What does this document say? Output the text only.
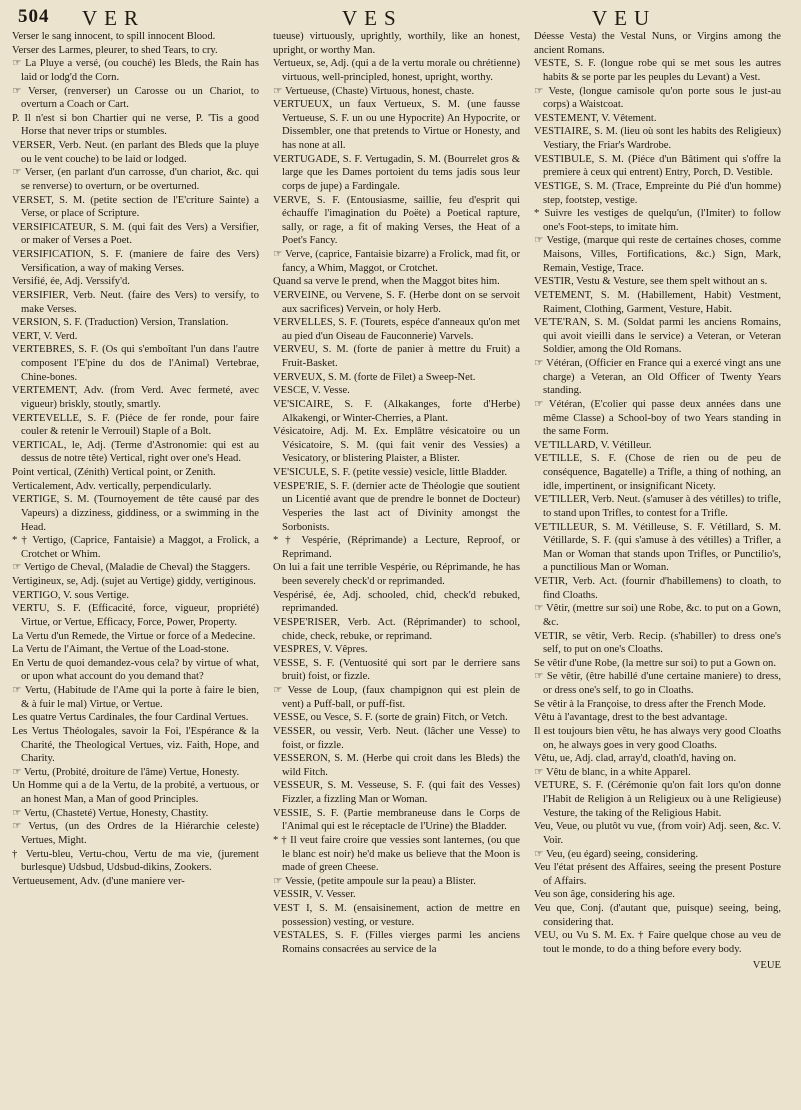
504 VER	VES	VEU

Verser le sang innocent, to spill innocent Blood.

Verser des Larmes, pleurer, to shed Tears, to cry.

☞ La Pluye a versé, (ou couché) les Bleds, the Rain has laid or lodg'd the Corn.

☞ Verser, (renverser) un Carosse ou un Chariot, to overturn a Coach or Cart.

P. Il n'est si bon Chartier qui ne verse, P. 'Tis a good Horse that never trips or stumbles.

VERSER, Verb. Neut. (en parlant des Bleds que la pluye ou le vent couche) to be laid or lodged.

☞ Verser, (en parlant d'un carrosse, d'un chariot, &c. qui se renverse) to overturn, or be overturned.

VERSET, S. M. (petite section de l'E'criture Sainte) a Verse, or place of Scripture.

VERSIFICATEUR, S. M. (qui fait des Vers) a Versifier, or maker of Verses a Poet.

VERSIFICATION, S. F. (maniere de faire des Vers) Versification, a way of making Verses.

Versifié, ée, Adj. Verssify'd.

VERSIFIER, Verb. Neut. (faire des Vers) to versify, to make Verses.

VERSION, S. F. (Traduction) Version, Translation.

VERT, V. Verd.

VERTEBRES, S. F. (Os qui s'emboîtant l'un dans l'autre composent l'E'pine du dos de l'Animal) Vertebrae, Chine-bones.

VERTEMENT, Adv. (from Verd. Avec fermeté, avec vigueur) briskly, stoutly, smartly.

VERTEVELLE, S. F. (Piéce de fer ronde, pour faire couler & retenir le Verrouil) Staple of a Bolt.

VERTICAL, le, Adj. (Terme d'Astronomie: qui est au dessus de notre tête) Vertical, right over one's Head.

Point vertical, (Zénith) Vertical point, or Zenith.

Verticalement, Adv. vertically, perpendicularly.

VERTIGE, S. M. (Tournoyement de tête causé par des Vapeurs) a dizziness, giddiness, or a swimming in the Head.

* † Vertigo, (Caprice, Fantaisie) a Maggot, a Frolick, a Crotchet or Whim.

☞ Vertigo de Cheval, (Maladie de Cheval) the Staggers.

Vertigineux, se, Adj. (sujet au Vertige) giddy, vertiginous.

VERTIGO, V. sous Vertige.

VERTU, S. F. (Efficacité, force, vigueur, propriété) Virtue, or Vertue, Efficacy, Force, Power, Property.

La Vertu d'un Remede, the Virtue or force of a Medecine.

La Vertu de l'Aimant, the Vertue of the Load-stone.

En Vertu de quoi demandez-vous cela? by virtue of what, or upon what account do you demand that?

☞ Vertu, (Habitude de l'Ame qui la porte à faire le bien, & à fuir le mal) Virtue, or Vertue.

Les quatre Vertus Cardinales, the four Cardinal Vertues.

Les Vertus Théologales, savoir la Foi, l'Espérance & la Charité, the Theological Vertues, viz. Faith, Hope, and Charity.

☞ Vertu, (Probité, droiture de l'âme) Vertue, Honesty.

Un Homme qui a de la Vertu, de la probité, a vertuous, or an honest Man, a Man of good Principles.

☞ Vertu, (Chasteté) Vertue, Honesty, Chastity.

☞ Vertus, (un des Ordres de la Hiérarchie celeste) Vertues, Might.

† Vertu-bleu, Vertu-chou, Vertu de ma vie, (jurement burlesque) Udsbud, Udsbud-dikins, Zookers.

Vertueusement, Adv. (d'une maniere ver-

tueuse) virtuously, uprightly, worthily, like an honest, upright, or worthy Man.

Vertueux, se, Adj. (qui a de la vertu morale ou chrétienne) virtuous, well-principled, honest, upright, worthy.

☞ Vertueuse, (Chaste) Virtuous, honest, chaste.

VERTUEUX, un faux Vertueux, S. M. (une fausse Vertueuse, S. F. un ou une Hypocrite) An Hypocrite, or Dissembler, one that pretends to Virtue or Honesty, and has none at all.

VERTUGADE, S. F. Vertugadin, S. M. (Bourrelet gros & large que les Dames portoient du tems jadis sous leur corps de jupe) a Fardingale.

VERVE, S. F. (Entousiasme, saillie, feu d'esprit qui échauffe l'imagination du Poëte) a Poetical rapture, sally, or rage, a fit of making Verses, the Heat of a Poet's Fancy.

☞ Verve, (caprice, Fantaisie bizarre) a Frolick, mad fit, or fancy, a Whim, Maggot, or Crotchet.

Quand sa verve le prend, when the Maggot bites him.

VERVEINE, ou Vervene, S. F. (Herbe dont on se servoit aux sacrifices) Vervein, or holy Herb.

VERVELLES, S. F. (Tourets, espéce d'anneaux qu'on met au pied d'un Oiseau de Fauconnerie) Varvels.

VERVEU, S. M. (forte de panier à mettre du Fruit) a Fruit-Basket.

VERVEUX, S. M. (forte de Filet) a Sweep-Net.

VESCE, V. Vesse.

VE'SICAIRE, S. F. (Alkakanges, forte d'Herbe) Alkakengi, or Winter-Cherries, a Plant.

Vésicatoire, Adj. M. Ex. Emplâtre vésicatoire ou un Vésicatoire, S. M. (qui fait venir des Vessies) a Vesicatory, or blistering Plaister, a Blister.

VE'SICULE, S. F. (petite vessie) vesicle, little Bladder.

VESPE'RIE, S. F. (dernier acte de Théologie que soutient un Licentié avant que de prendre le bonnet de Docteur) Vesperies the last act of Divinity amongst the Sorbonists.

* † Vespérie, (Réprimande) a Lecture, Reproof, or Reprimand.

On lui a fait une terrible Vespérie, ou Réprimande, he has been severely check'd or reprimanded.

Vespérisé, ée, Adj. schooled, chid, check'd rebuked, reprimanded.

VESPE'RISER, Verb. Act. (Réprimander) to school, chide, check, rebuke, or reprimand.

VESPRES, V. Vêpres.

VESSE, S. F. (Ventuosité qui sort par le derriere sans bruit) foist, or fizzle.

☞ Vesse de Loup, (faux champignon qui est plein de vent) a Puff-ball, or puff-fist.

VESSE, ou Vesce, S. F. (sorte de grain) Fitch, or Vetch.

VESSER, ou vessir, Verb. Neut. (lâcher une Vesse) to foist, or fizzle.

VESSERON, S. M. (Herbe qui croit dans les Bleds) the wild Fitch.

VESSEUR, S. M. Vesseuse, S. F. (qui fait des Vesses) Fizzler, a fizzling Man or Woman.

VESSIE, S. F. (Partie membraneuse dans le Corps de l'Animal qui est le réceptacle de l'Urine) the Bladder.

* † Il veut faire croire que vessies sont lanternes, (ou que le blanc est noir) he'd make us believe that the Moon is made of green Cheese.

☞ Vessie, (petite ampoule sur la peau) a Blister.

VESSIR, V. Vesser.

VEST I, S. M. (ensaisinement, action de mettre en possession) vesting, or vesture.

VESTALES, S. F. (Filles vierges parmi les anciens Romains consacrées au service de la

Déesse Vesta) the Vestal Nuns, or Virgins among the ancient Romans.

VESTE, S. F. (longue robe qui se met sous les autres habits & se porte par les peuples du Levant) a Vest.

☞ Veste, (longue camisole qu'on porte sous le just-au corps) a Waistcoat.

VESTEMENT, V. Vêtement.

VESTIAIRE, S. M. (lieu où sont les habits des Religieux) Vestiary, the Friar's Wardrobe.

VESTIBULE, S. M. (Piéce d'un Bâtiment qui s'offre la premiere à ceux qui entrent) Entry, Porch, D. Vestible.

VESTIGE, S. M. (Trace, Empreinte du Pié d'un homme) step, footstep, vestige.

* Suivre les vestiges de quelqu'un, (l'Imiter) to follow one's Foot-steps, to imitate him.

☞ Vestige, (marque qui reste de certaines choses, comme Maisons, Villes, Fortifications, &c.) Sign, Mark, Remain, Vestige, Trace.

VESTIR, Vestu & Vesture, see them spelt without an s.

VETEMENT, S. M. (Habillement, Habit) Vestment, Raiment, Clothing, Garment, Vesture, Habit.

VE'TE'RAN, S. M. (Soldat parmi les anciens Romains, qui avoit vieilli dans le service) a Veteran, or Veteran Soldier, among the Old Romans.

☞ Vétéran, (Officier en France qui a exercé vingt ans une charge) a Veteran, an Old Officer of Twenty Years standing.

☞ Vétéran, (E'colier qui passe deux années dans une même Classe) a School-boy of two Years standing in the same Form.

VE'TILLARD, V. Vétilleur.

VE'TILLE, S. F. (Chose de rien ou de peu de conséquence, Bagatelle) a Trifle, a thing of nothing, an idle, impertinent, or insignificant Nicety.

VE'TILLER, Verb. Neut. (s'amuser à des vétilles) to trifle, to stand upon Trifles, to contest for a Trifle.

VE'TILLEUR, S. M. Vétilleuse, S. F. Vétillard, S. M. Vétillarde, S. F. (qui s'amuse à des vétilles) a Trifler, a Man or Woman that stands upon Trifles, or Punctilio's, a punctilious Man or Woman.

VETIR, Verb. Act. (fournir d'habillemens) to cloath, to find Cloaths.

☞ Vêtir, (mettre sur soi) une Robe, &c. to put on a Gown, &c.

VETIR, se vêtir, Verb. Recip. (s'habiller) to dress one's self, to put on one's Cloaths.

Se vêtir d'une Robe, (la mettre sur soi) to put a Gown on.

☞ Se vêtir, (être habillé d'une certaine maniere) to dress, or dress one's self, to go in Cloaths.

Se vêtir à la Françoise, to dress after the French Mode.

Vêtu à l'avantage, drest to the best advantage.

Il est toujours bien vêtu, he has always very good Cloaths on, he always goes in very good Cloaths.

Vêtu, ue, Adj. clad, array'd, cloath'd, having on.

☞ Vêtu de blanc, in a white Apparel.

VETURE, S. F. (Cérémonie qu'on fait lors qu'on donne l'Habit de Religion à un Religieux ou à une Religieuse) Vesture, the taking of the Religious Habit.

Veu, Veue, ou plutôt vu vue, (from voir) Adj. seen, &c. V. Voir.

☞ Veu, (eu égard) seeing, considering.

Veu l'état présent des Affaires, seeing the present Posture of Affairs.

Veu son âge, considering his age.

Veu que, Conj. (d'autant que, puisque) seeing, being, considering that.

VEU, ou Vu S. M. Ex. † Faire quelque chose au veu de tout le monde, to do a thing before every body.

VEUE
